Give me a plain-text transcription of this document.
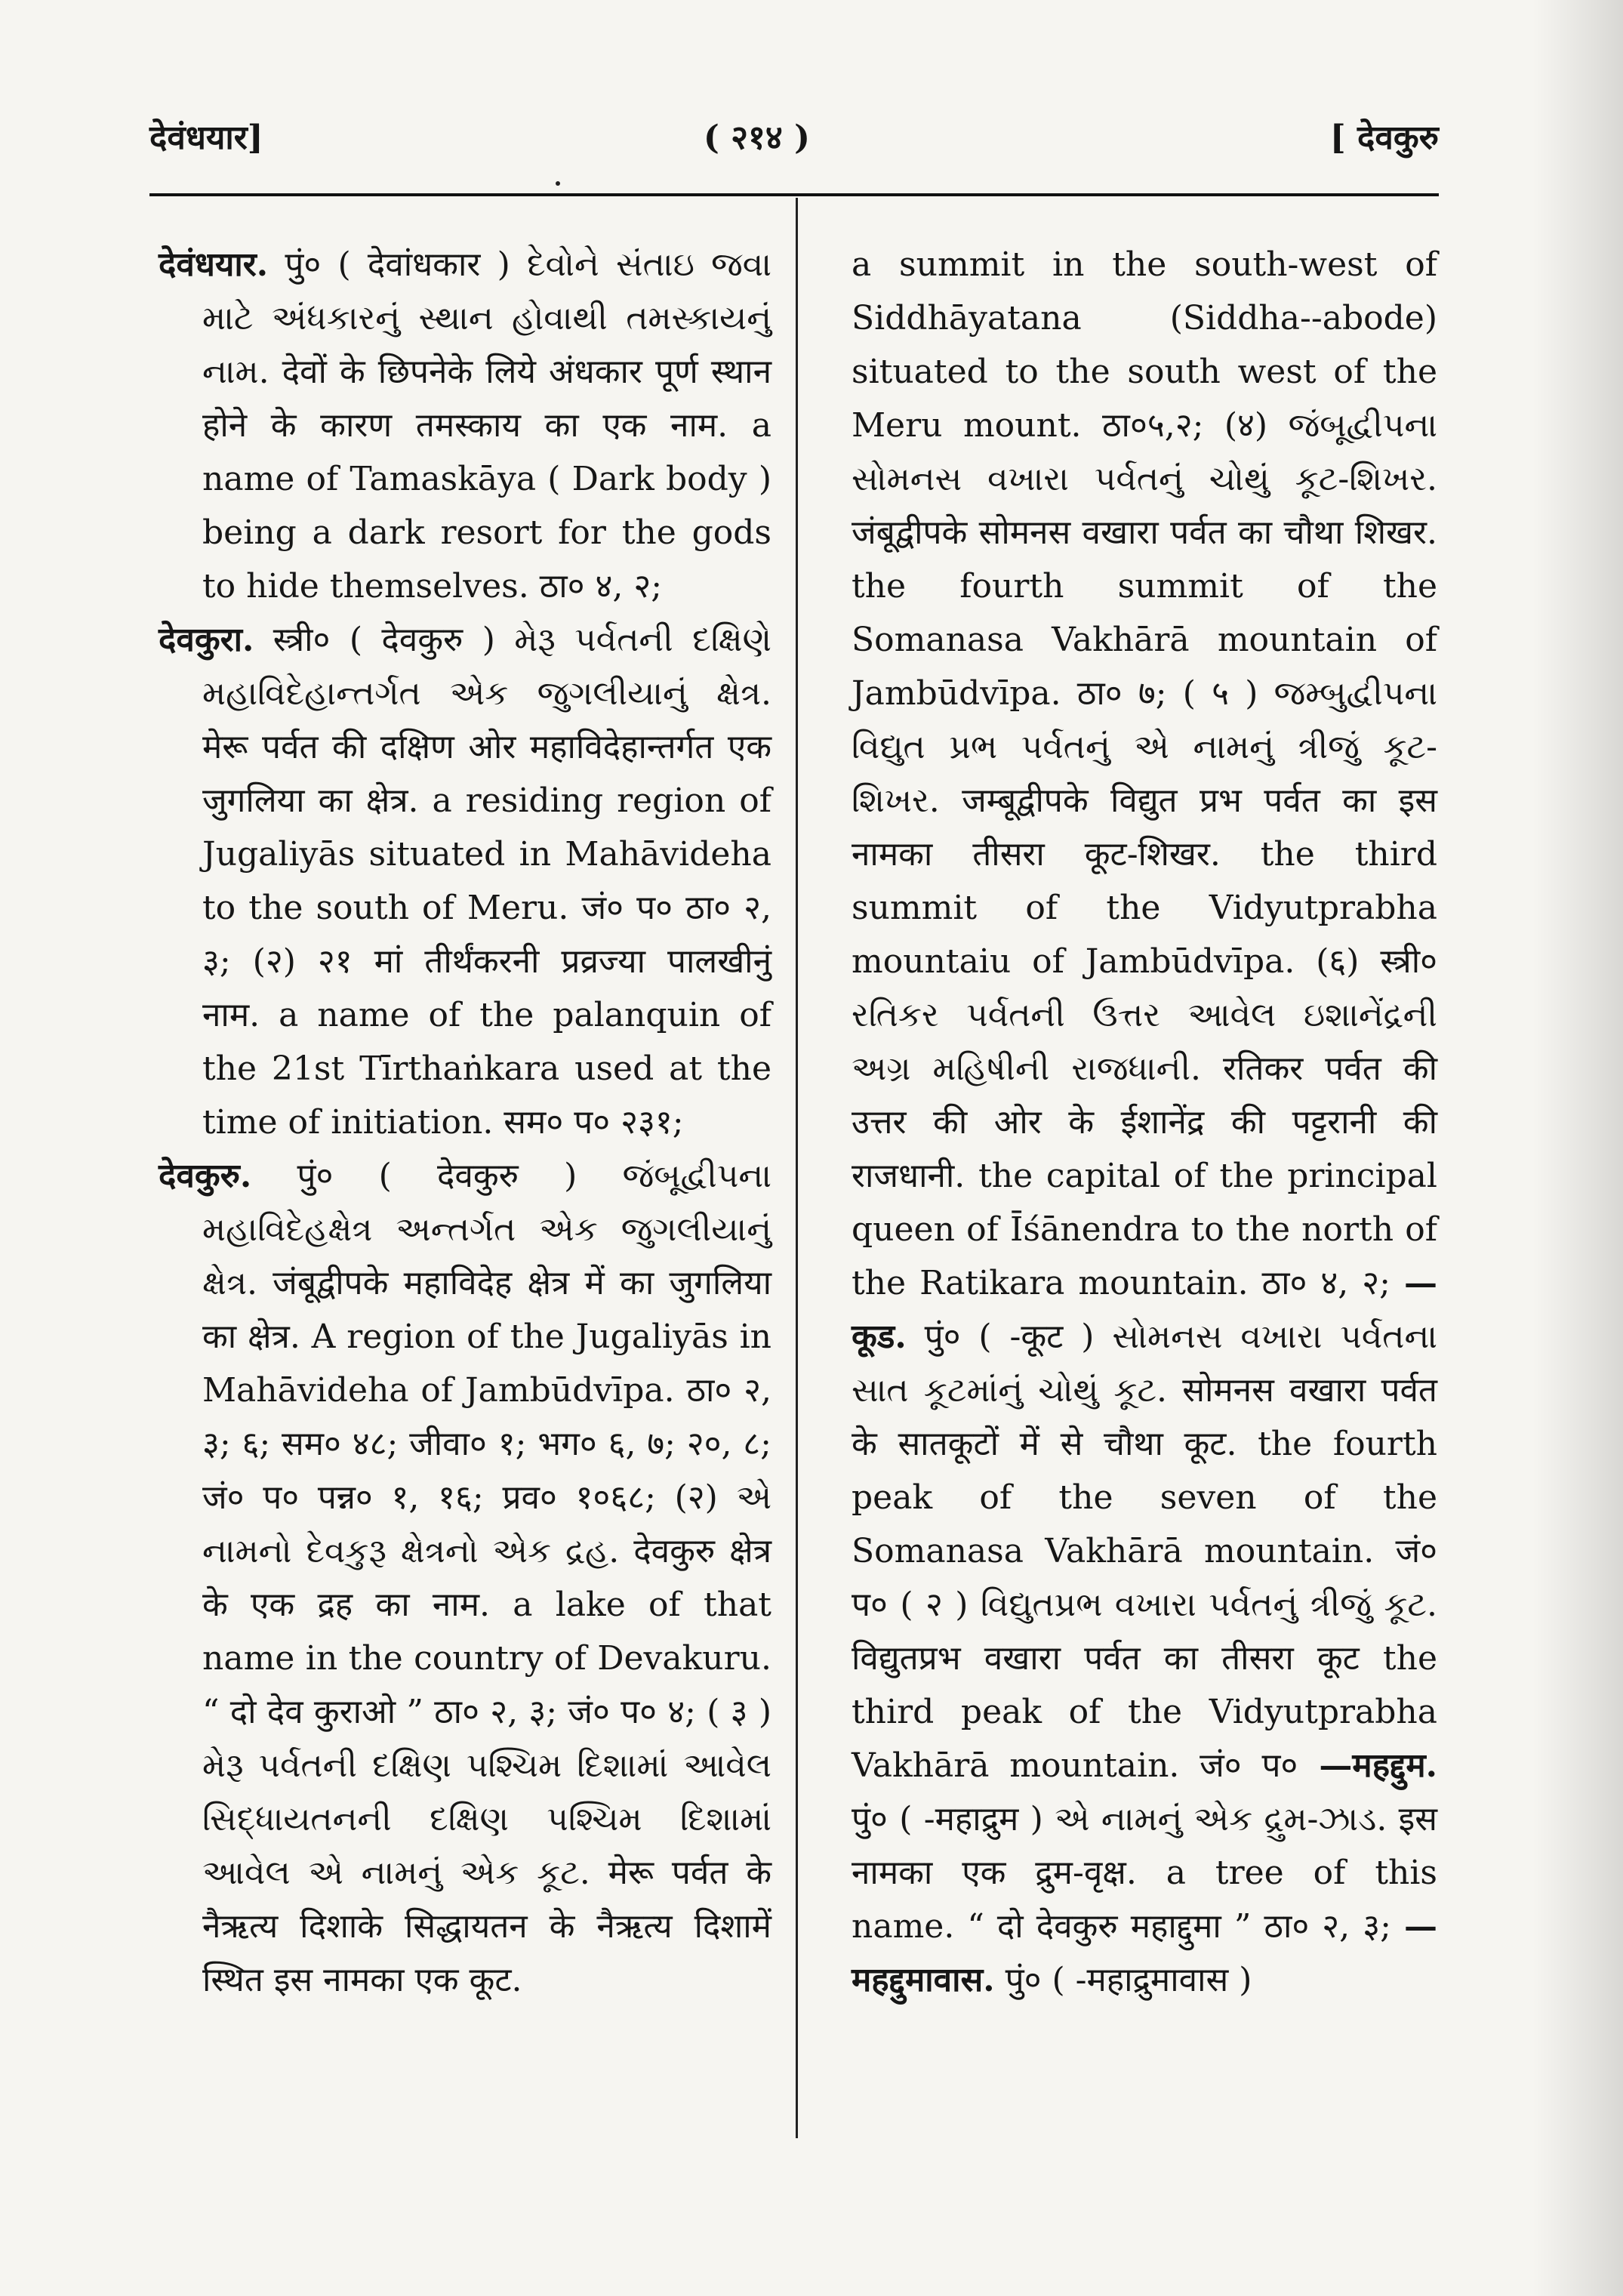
देवंधयार]	( २१४ )	[ देवकुरु

देवंधयार. पुं० ( देवांधकार ) દેવોને સંતાઇ જવા માટે અંધકારનું સ્થાન હોવાથી તમસ્કાયનું નામ. देवों के छिपनेके लिये अंधकार पूर्ण स्थान होने के कारण तमस्काय का एक नाम. a name of Tamaskāya ( Dark body ) being a dark resort for the gods to hide themselves. ठा० ४, २;

देवकुरा. स्त्री० ( देवकुरु ) મેરૂ પર્વતની દક્ષિણે મહાવિદેહાન્તર્ગત એક જુગલીયાનું ક્ષેત્ર. मेरू पर्वत की दक्षिण ओर महाविदेहान्तर्गत एक जुगलिया का क्षेत्र. a residing region of Jugaliyās situated in Mahāvideha to the south of Meru. जं० प० ठा० २, ३; (२) २१ मां तीर्थंकरनी प्रव्रज्या पालखीनुं नाम. a name of the palanquin of the 21st Tīrthaṅkara used at the time of initiation. सम० प० २३१;

देवकुरु. पुं० ( देवकुरु ) જંબૂદ્વીપના મહાવિદેહક્ષેત્ર અન્તર્ગત એક જુગલીયાનું ક્ષેત્ર. जंबूद्वीपके महाविदेह क्षेत्र में का जुगलिया का क्षेत्र. A region of the Jugaliyās in Mahāvideha of Jambūdvīpa. ठा० २, ३; ६; सम० ४८; जीवा० १; भग० ६, ७; २०, ८; जं० प० पन्न० १, १६; प्रव० १०६८; (२) એ નામનો દેવકુરૂ ક્ષેત્રનો એક દ્રહ. देवकुरु क्षेत्र के एक द्रह का नाम. a lake of that name in the country of Devakuru. “ दो देव कुराओ ” ठा० २, ३; जं० प० ४; ( ३ ) મેરૂ પર્વતની દક્ષિણ પશ્ચિમ દિશામાં આવેલ સિદ્ધાયતનની દક્ષિણ પશ્ચિમ દિશામાં આવેલ એ નામનું એક કૂટ. मेरू पर्वत के नैऋत्य दिशाके सिद्धायतन के नैऋत्य दिशामें स्थित इस नामका एक कूट.

a summit in the south-west of Siddhāyatana (Siddha--abode) situated to the south west of the Meru mount. ठा०५,२; (४) જંબૂદ્વીપના સોમનસ વખારા પર્વતનું ચોથું કૂટ-શિખર. जंबूद्वीपके सोमनस वखारा पर्वत का चौथा शिखर. the fourth summit of the Somanasa Vakhārā mountain of Jambūdvīpa. ठा० ७; ( ५ ) જમ્બુદ્વીપના વિદ્યુત પ્રભ પર્વતનું એ નામનું ત્રીજું કૂટ-શિખર. जम्बूद्वीपके विद्युत प्रभ पर्वत का इस नामका तीसरा कूट-शिखर. the third summit of the Vidyutprabha mountaiu of Jambūdvīpa. (६) स्त्री० રતિકર પર્વતની ઉત્તર આવેલ ઇશાનેંદ્રની અગ્ર મહિષીની રાજધાની. रतिकर पर्वत की उत्तर की ओर के ईशानेंद्र की पट्टरानी की राजधानी. the capital of the principal queen of Īśānendra to the north of the Ratikara mountain. ठा० ४, २; —कूड. पुं० ( -कूट ) સોમનસ વખારા પર્વતના સાત કૂટમાંનું ચોથું કૂટ. सोमनस वखारा पर्वत के सातकूटों में से चौथा कूट. the fourth peak of the seven of the Somanasa Vakhārā mountain. जं० प० ( २ ) વિદ્યુતપ્રભ વખારા પર્વતનું ત્રીજું કૂટ. विद्युतप्रभ वखारा पर्वत का तीसरा कूट the third peak of the Vidyutprabha Vakhārā mountain. जं० प० —महद्दुम. पुं० ( -महाद्रुम ) એ નામનું એક દ્રુમ-ઝાડ. इस नामका एक द्रुम-वृक्ष. a tree of this name. “ दो देवकुरु महाद्दुमा ” ठा० २, ३; —महद्दुमावास. पुं० ( -महाद्रुमावास )
